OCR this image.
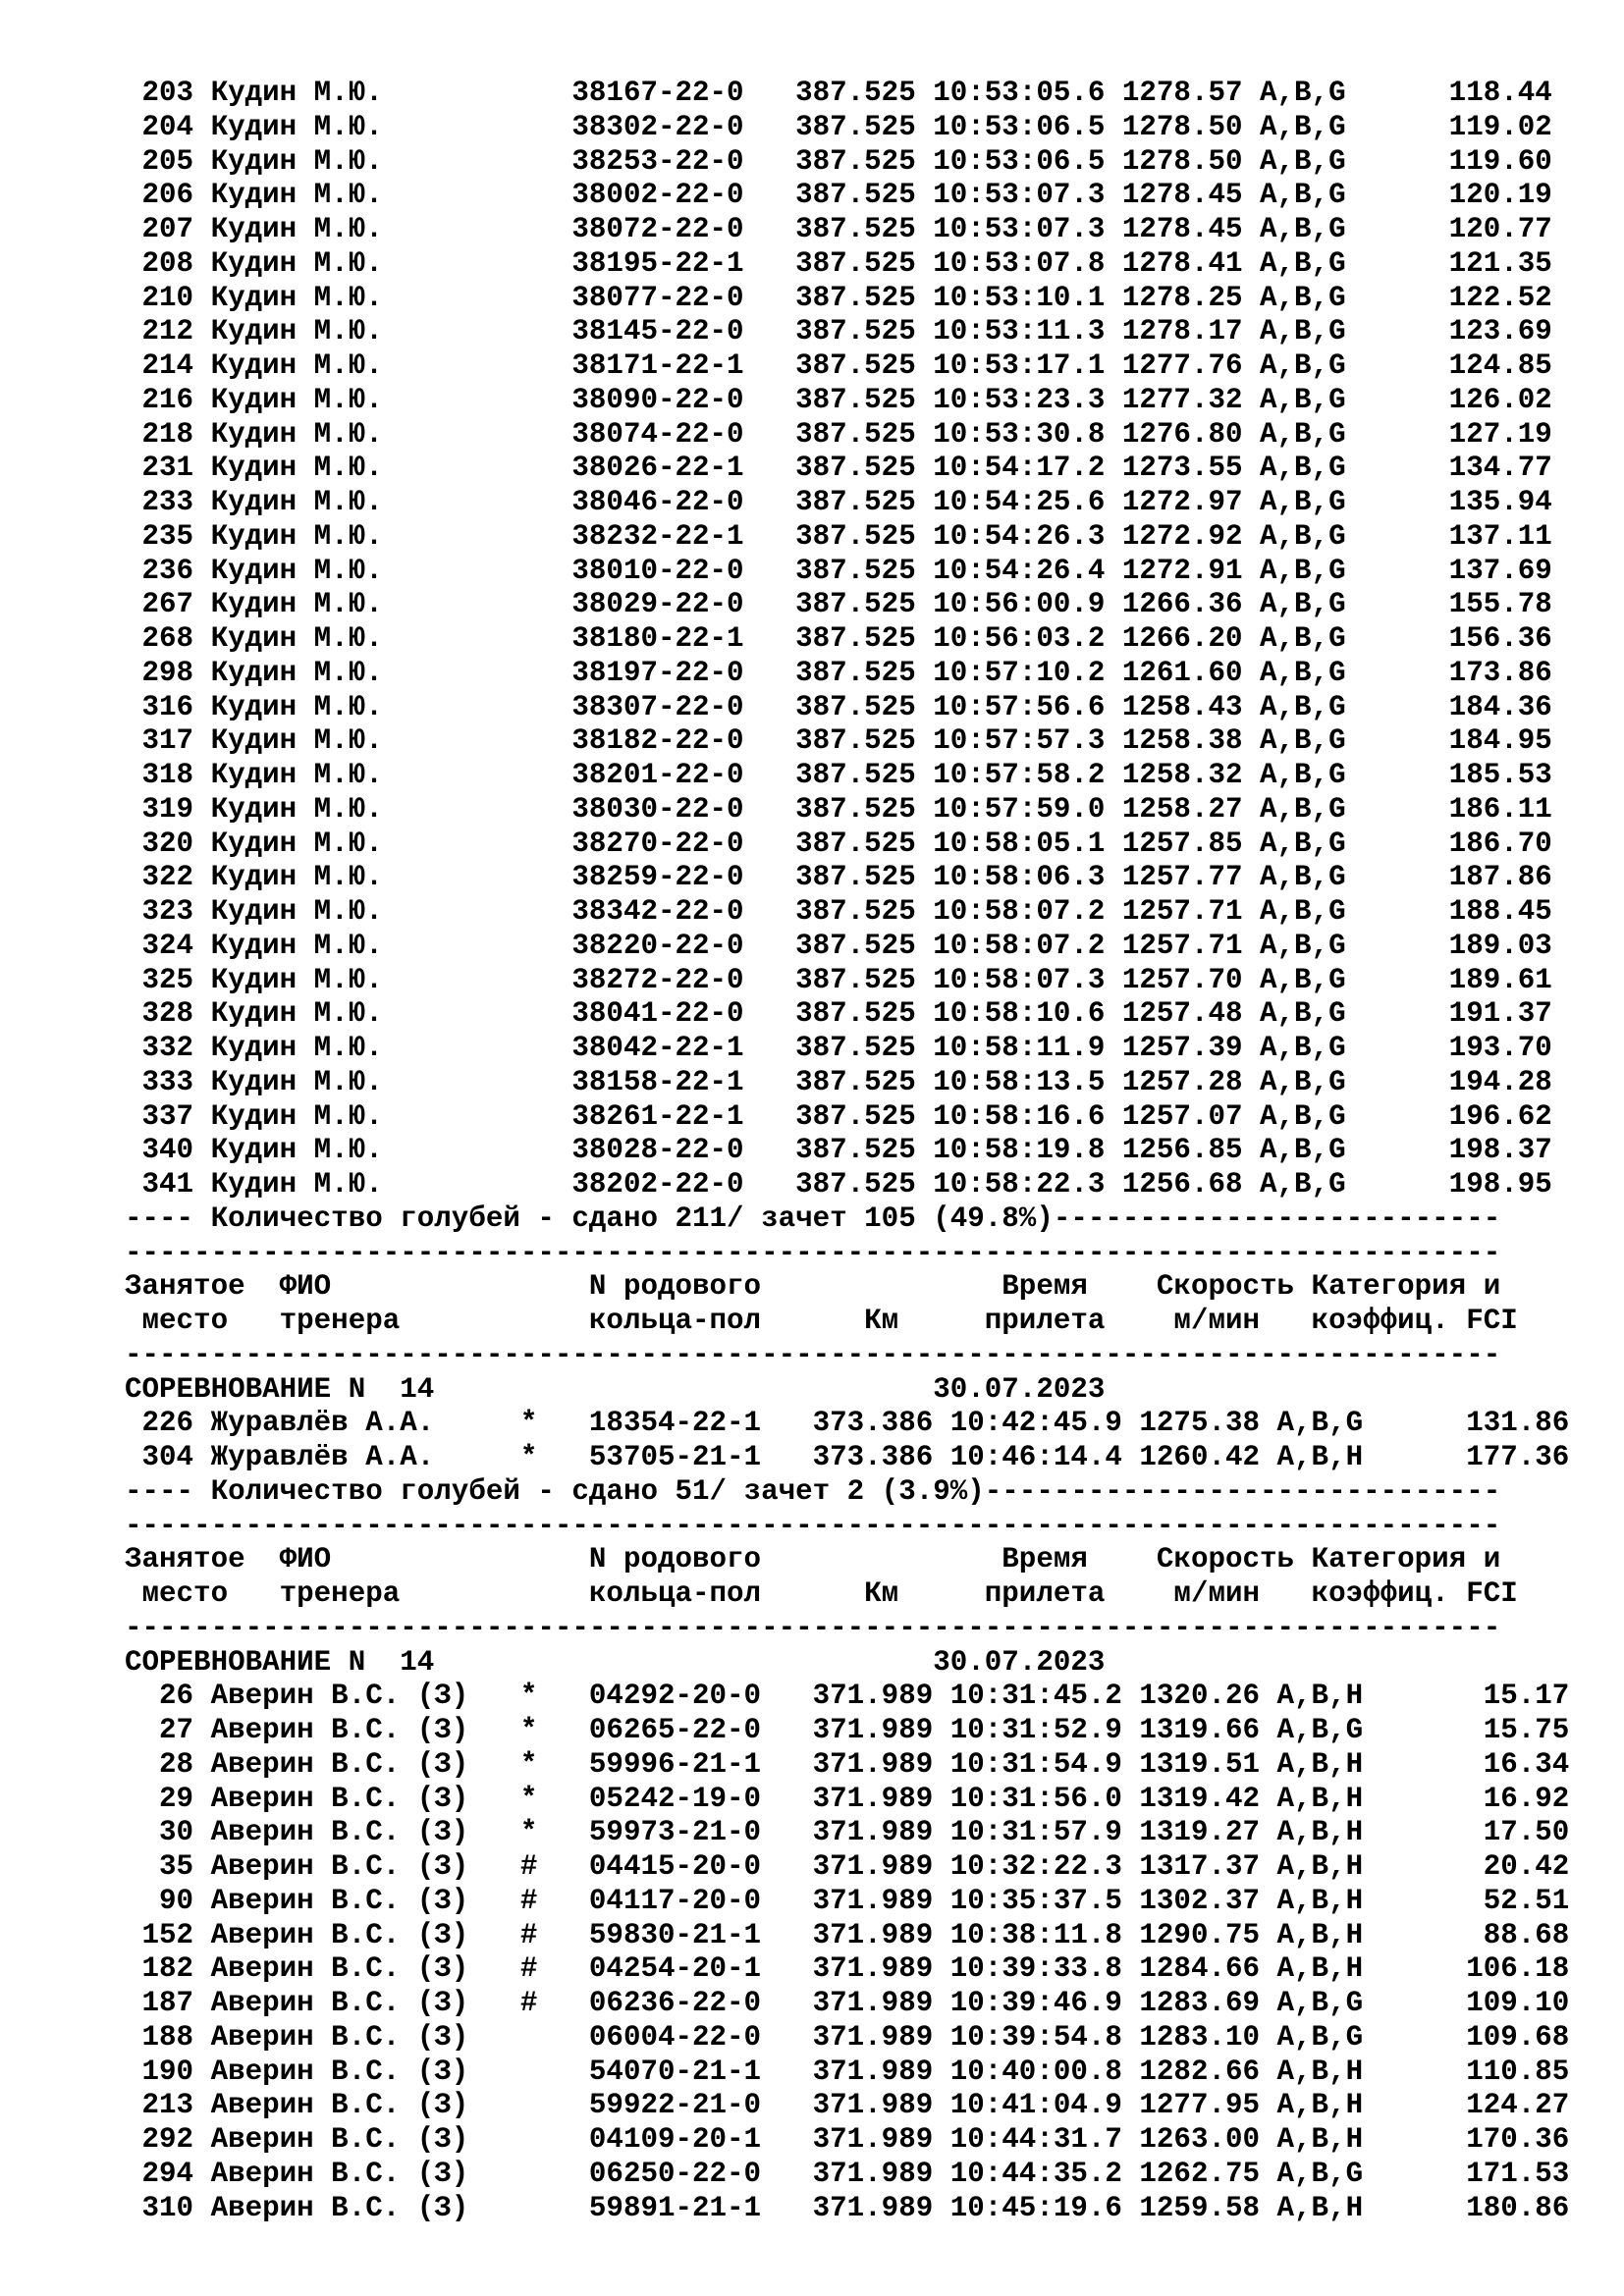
203 Кудин М.Ю.           38167-22-0   387.525 10:53:05.6 1278.57 A,B,G      118.44
204 Кудин М.Ю.           38302-22-0   387.525 10:53:06.5 1278.50 A,B,G      119.02
205 Кудин М.Ю.           38253-22-0   387.525 10:53:06.5 1278.50 A,B,G      119.60
206 Кудин М.Ю.           38002-22-0   387.525 10:53:07.3 1278.45 A,B,G      120.19
207 Кудин М.Ю.           38072-22-0   387.525 10:53:07.3 1278.45 A,B,G      120.77
208 Кудин М.Ю.           38195-22-1   387.525 10:53:07.8 1278.41 A,B,G      121.35
210 Кудин М.Ю.           38077-22-0   387.525 10:53:10.1 1278.25 A,B,G      122.52
212 Кудин М.Ю.           38145-22-0   387.525 10:53:11.3 1278.17 A,B,G      123.69
214 Кудин М.Ю.           38171-22-1   387.525 10:53:17.1 1277.76 A,B,G      124.85
216 Кудин М.Ю.           38090-22-0   387.525 10:53:23.3 1277.32 A,B,G      126.02
218 Кудин М.Ю.           38074-22-0   387.525 10:53:30.8 1276.80 A,B,G      127.19
231 Кудин М.Ю.           38026-22-1   387.525 10:54:17.2 1273.55 A,B,G      134.77
233 Кудин М.Ю.           38046-22-0   387.525 10:54:25.6 1272.97 A,B,G      135.94
235 Кудин М.Ю.           38232-22-1   387.525 10:54:26.3 1272.92 A,B,G      137.11
236 Кудин М.Ю.           38010-22-0   387.525 10:54:26.4 1272.91 A,B,G      137.69
267 Кудин М.Ю.           38029-22-0   387.525 10:56:00.9 1266.36 A,B,G      155.78
268 Кудин М.Ю.           38180-22-1   387.525 10:56:03.2 1266.20 A,B,G      156.36
298 Кудин М.Ю.           38197-22-0   387.525 10:57:10.2 1261.60 A,B,G      173.86
316 Кудин М.Ю.           38307-22-0   387.525 10:57:56.6 1258.43 A,B,G      184.36
317 Кудин М.Ю.           38182-22-0   387.525 10:57:57.3 1258.38 A,B,G      184.95
318 Кудин М.Ю.           38201-22-0   387.525 10:57:58.2 1258.32 A,B,G      185.53
319 Кудин М.Ю.           38030-22-0   387.525 10:57:59.0 1258.27 A,B,G      186.11
320 Кудин М.Ю.           38270-22-0   387.525 10:58:05.1 1257.85 A,B,G      186.70
322 Кудин М.Ю.           38259-22-0   387.525 10:58:06.3 1257.77 A,B,G      187.86
323 Кудин М.Ю.           38342-22-0   387.525 10:58:07.2 1257.71 A,B,G      188.45
324 Кудин М.Ю.           38220-22-0   387.525 10:58:07.2 1257.71 A,B,G      189.03
325 Кудин М.Ю.           38272-22-0   387.525 10:58:07.3 1257.70 A,B,G      189.61
328 Кудин М.Ю.           38041-22-0   387.525 10:58:10.6 1257.48 A,B,G      191.37
332 Кудин М.Ю.           38042-22-1   387.525 10:58:11.9 1257.39 A,B,G      193.70
333 Кудин М.Ю.           38158-22-1   387.525 10:58:13.5 1257.28 A,B,G      194.28
337 Кудин М.Ю.           38261-22-1   387.525 10:58:16.6 1257.07 A,B,G      196.62
340 Кудин М.Ю.           38028-22-0   387.525 10:58:19.8 1256.85 A,B,G      198.37
341 Кудин М.Ю.           38202-22-0   387.525 10:58:22.3 1256.68 A,B,G      198.95
---- Количество голубей - сдано 211/ зачет 105 (49.8%)--------------------------
--------------------------------------------------------------------------------
Занятое  ФИО               N родового              Время    Скорость Категория и
место   тренера           кольца-пол      Км     прилета    м/мин   коэффиц. FCI
--------------------------------------------------------------------------------
СОРЕВНОВАНИЕ N  14                             30.07.2023
226 Журавлёв А.А.     *   18354-22-1   373.386 10:42:45.9 1275.38 A,B,G      131.86
304 Журавлёв А.А.     *   53705-21-1   373.386 10:46:14.4 1260.42 A,B,H      177.36
---- Количество голубей - сдано 51/ зачет 2 (3.9%)------------------------------
--------------------------------------------------------------------------------
Занятое  ФИО               N родового              Время    Скорость Категория и
место   тренера           кольца-пол      Км     прилета    м/мин   коэффиц. FCI
--------------------------------------------------------------------------------
СОРЕВНОВАНИЕ N  14                             30.07.2023
26 Аверин В.С. (З)   *   04292-20-0   371.989 10:31:45.2 1320.26 A,B,H       15.17
27 Аверин В.С. (З)   *   06265-22-0   371.989 10:31:52.9 1319.66 A,B,G       15.75
28 Аверин В.С. (З)   *   59996-21-1   371.989 10:31:54.9 1319.51 A,B,H       16.34
29 Аверин В.С. (З)   *   05242-19-0   371.989 10:31:56.0 1319.42 A,B,H       16.92
30 Аверин В.С. (З)   *   59973-21-0   371.989 10:31:57.9 1319.27 A,B,H       17.50
35 Аверин В.С. (З)   #   04415-20-0   371.989 10:32:22.3 1317.37 A,B,H       20.42
90 Аверин В.С. (З)   #   04117-20-0   371.989 10:35:37.5 1302.37 A,B,H       52.51
152 Аверин В.С. (З)   #   59830-21-1   371.989 10:38:11.8 1290.75 A,B,H       88.68
182 Аверин В.С. (З)   #   04254-20-1   371.989 10:39:33.8 1284.66 A,B,H      106.18
187 Аверин В.С. (З)   #   06236-22-0   371.989 10:39:46.9 1283.69 A,B,G      109.10
188 Аверин В.С. (З)       06004-22-0   371.989 10:39:54.8 1283.10 A,B,G      109.68
190 Аверин В.С. (З)       54070-21-1   371.989 10:40:00.8 1282.66 A,B,H      110.85
213 Аверин В.С. (З)       59922-21-0   371.989 10:41:04.9 1277.95 A,B,H      124.27
292 Аверин В.С. (З)       04109-20-1   371.989 10:44:31.7 1263.00 A,B,H      170.36
294 Аверин В.С. (З)       06250-22-0   371.989 10:44:35.2 1262.75 A,B,G      171.53
310 Аверин В.С. (З)       59891-21-1   371.989 10:45:19.6 1259.58 A,B,H      180.86
